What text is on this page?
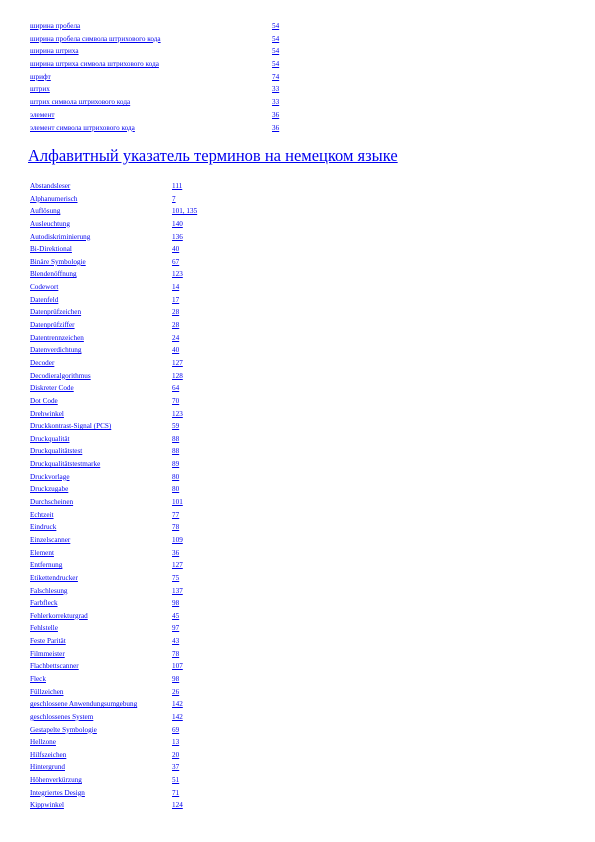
ширина пробела	54
ширина пробела символа штрихового кода	54
ширина штриха	54
ширина штриха символа штрихового кода	54
шрифт	74
штрих	33
штрих символа штрихового кода	33
элемент	36
элемент символа штрихового кода	36
Алфавитный указатель терминов на немецком языке
Abstandsleser	111
Alphanumerisch	7
Auflösung	101, 135
Ausleuchtung	140
Autodiskriminierung	136
Bi-Direktional	40
Binäre Symbologie	67
Blendenöffnung	123
Codewort	14
Datenfeld	17
Datenprüfzeichen	28
Datenprüfziffer	28
Datentrennzeichen	24
Datenverdichtung	40
Decoder	127
Decodieralgorithmus	128
Diskreter Code	64
Dot Code	70
Drehwinkel	123
Druckkontrast-Signal (PCS)	59
Druckqualität	88
Druckqualitätstest	88
Druckqualitätstestmarke	89
Druckvorlage	80
Druckzugabe	80
Durchscheinen	101
Echtzeit	77
Eindruck	78
Einzelscanner	109
Element	36
Entfernung	127
Etikettendrucker	75
Falschlesung	137
Farbfleck	98
Fehlerkorrekturgrad	45
Fehlstelle	97
Feste Parität	43
Filmmeister	78
Flachbettscanner	107
Fleck	98
Füllzeichen	26
geschlossene Anwendungsumgebung	142
geschlossenes System	142
Gestapelte Symbologie	69
Hellzone	13
Hilfszeichen	20
Hintergrund	37
Höhenverkürzung	51
Integriertes Design	71
Kippwinkel	124
